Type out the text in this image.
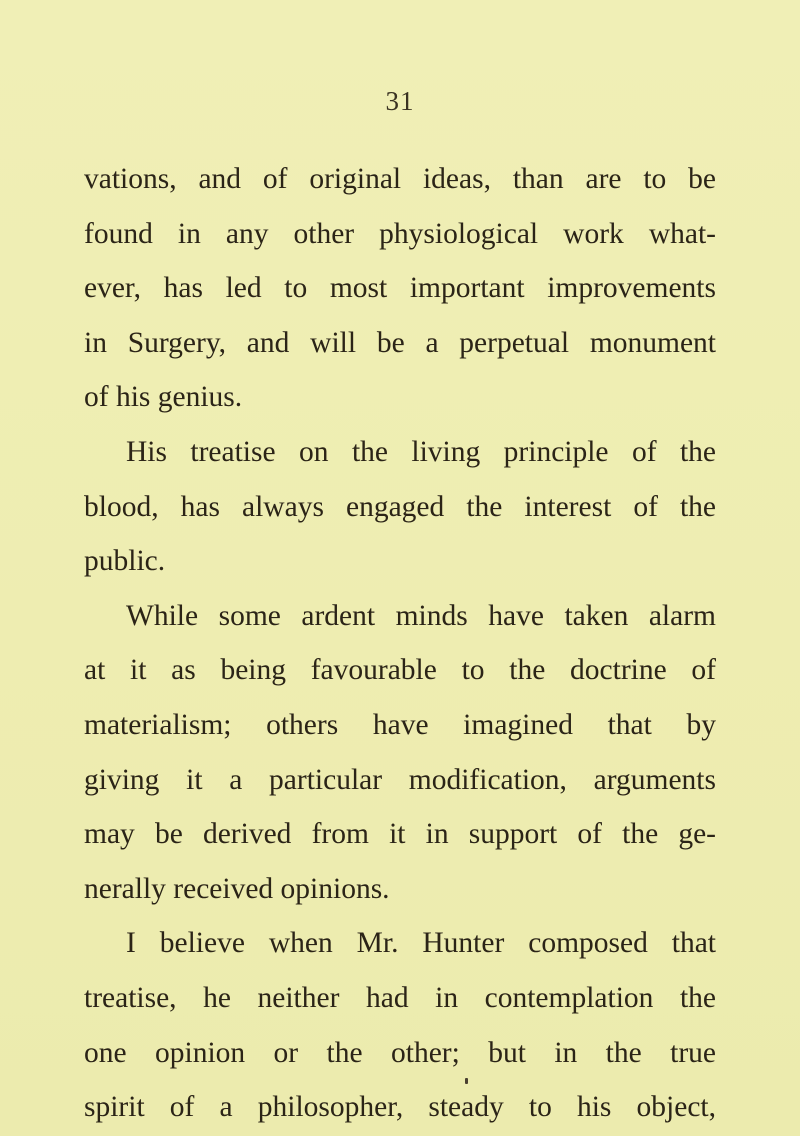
31
vations, and of original ideas, than are to be
found in any other physiological work what-
ever, has led to most important improvements
in Surgery, and will be a perpetual monument
of his genius.
His treatise on the living principle of the
blood, has always engaged the interest of the
public.
While some ardent minds have taken alarm
at it as being favourable to the doctrine of
materialism; others have imagined that by
giving it a particular modification, arguments
may be derived from it in support of the ge-
nerally received opinions.
I believe when Mr. Hunter composed that
treatise, he neither had in contemplation the
one opinion or the other; but in the true
spirit of a philosopher, steady to his object,
